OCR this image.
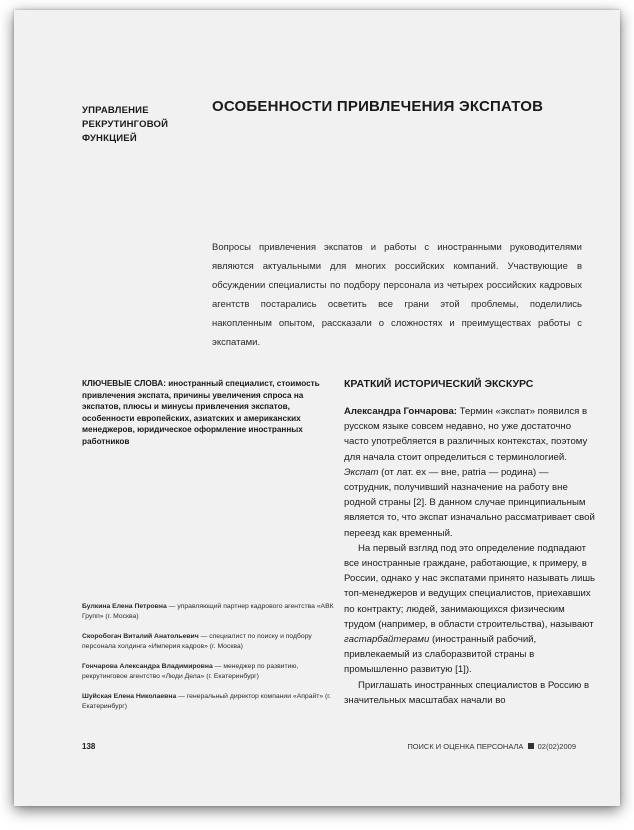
УПРАВЛЕНИЕ
РЕКРУТИНГОВОЙ
ФУНКЦИЕЙ
ОСОБЕННОСТИ ПРИВЛЕЧЕНИЯ ЭКСПАТОВ
Вопросы привлечения экспатов и работы с иностранными руководителями являются актуальными для многих российских компаний. Участвующие в обсуждении специалисты по подбору персонала из четырех российских кадровых агентств постарались осветить все грани этой проблемы, поделились накопленным опытом, рассказали о сложностях и преимуществах работы с экспатами.
КЛЮЧЕВЫЕ СЛОВА: иностранный специалист, стоимость привлечения экспата, причины увеличения спроса на экспатов, плюсы и минусы привлечения экспатов, особенности европейских, азиатских и американских менеджеров, юридическое оформление иностранных работников
Булкина Елена Петровна — управляющий партнер кадрового агентства «АВК Групп» (г. Москва)
Скоробогач Виталий Анатольевич — специалист по поиску и подбору персонала холдинга «Империя кадров» (г. Москва)
Гончарова Александра Владимировна — менеджер по развитию, рекрутинговое агентство «Люди Дела» (г. Екатеринбург)
Шуйская Елена Николаевна — генеральный директор компании «Апрайт» (г. Екатеринбург)
КРАТКИЙ ИСТОРИЧЕСКИЙ ЭКСКУРС

Александра Гончарова: Термин «экспат» появился в русском языке совсем недавно, но уже достаточно часто употребляется в различных контекстах, поэтому для начала стоит определиться с терминологией. Экспат (от лат. ex — вне, patria — родина) — сотрудник, получивший назначение на работу вне родной страны [2]. В данном случае принципиальным является то, что экспат изначально рассматривает свой переезд как временный.

На первый взгляд под это определение подпадают все иностранные граждане, работающие, к примеру, в России, однако у нас экспатами принято называть лишь топ-менеджеров и ведущих специалистов, приехавших по контракту; людей, занимающихся физическим трудом (например, в области строительства), называют гастарбайтерами (иностранный рабочий, привлекаемый из слаборазвитой страны в промышленно развитую [1]).

Приглашать иностранных специалистов в Россию в значительных масштабах начали во

138	ПОИСК И ОЦЕНКА ПЕРСОНАЛА 02(02)2009
